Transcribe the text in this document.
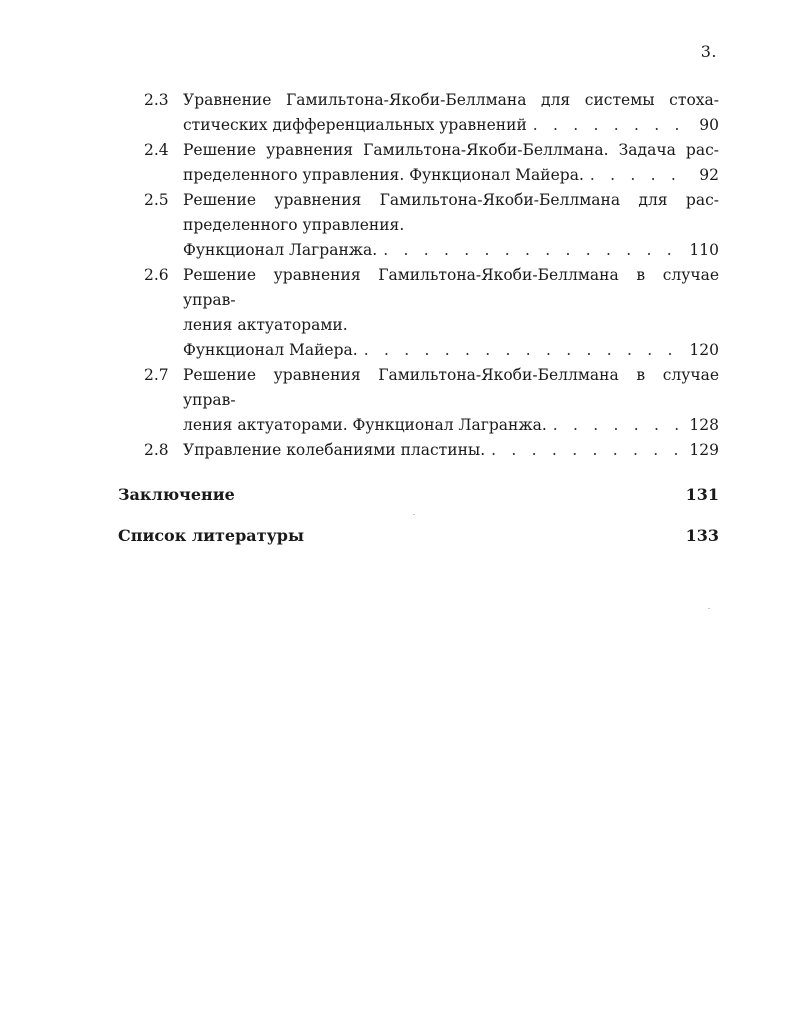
3.
2.3 Уравнение Гамильтона-Якоби-Беллмана для системы стоха-
стических дифференциальных уравнений . . .	90
2.4 Решение уравнения Гамильтона-Якоби-Беллмана. Задача рас-
пределенного управления. Функционал Майера. . . .	92
2.5 Решение уравнения Гамильтона-Якоби-Беллмана для рас-
пределенного управления.
Функционал Лагранжа. . . .	110
2.6 Решение уравнения Гамильтона-Якоби-Беллмана в случае управ-
ления актуаторами.
Функционал Майера. . . .	120
2.7 Решение уравнения Гамильтона-Якоби-Беллмана в случае управ-
ления актуаторами. Функционал Лагранжа. . . .	128
2.8 Управление колебаниями пластины. . . .	129
Заключение	131
Список литературы	133
